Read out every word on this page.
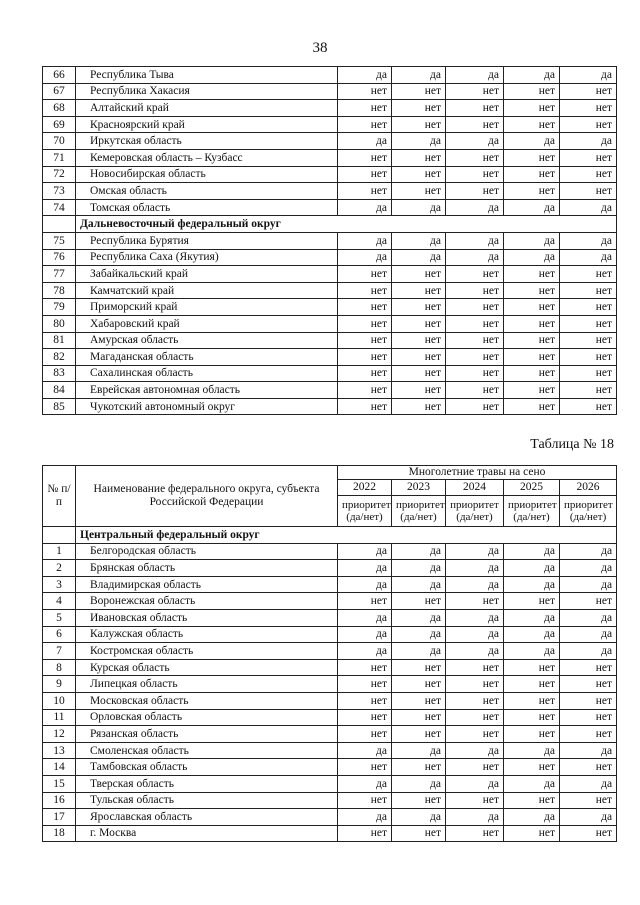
38
66	Республика Тыва	да	да	да	да	да
67	Республика Хакасия	нет	нет	нет	нет	нет
68	Алтайский край	нет	нет	нет	нет	нет
69	Красноярский край	нет	нет	нет	нет	нет
70	Иркутская область	да	да	да	да	да
71	Кемеровская область – Кузбасс	нет	нет	нет	нет	нет
72	Новосибирская область	нет	нет	нет	нет	нет
73	Омская область	нет	нет	нет	нет	нет
74	Томская область	да	да	да	да	да
	Дальневосточный федеральный округ					
75	Республика Бурятия	да	да	да	да	да
76	Республика Саха (Якутия)	да	да	да	да	да
77	Забайкальский край	нет	нет	нет	нет	нет
78	Камчатский край	нет	нет	нет	нет	нет
79	Приморский край	нет	нет	нет	нет	нет
80	Хабаровский край	нет	нет	нет	нет	нет
81	Амурская область	нет	нет	нет	нет	нет
82	Магаданская область	нет	нет	нет	нет	нет
83	Сахалинская область	нет	нет	нет	нет	нет
84	Еврейская автономная область	нет	нет	нет	нет	нет
85	Чукотский автономный округ	нет	нет	нет	нет	нет
Таблица № 18
№ п/п	Наименование федерального округа, субъекта Российской Федерации	Многолетние травы на сено				
		2022	2023	2024	2025	2026
		приоритет (да/нет)	приоритет (да/нет)	приоритет (да/нет)	приоритет (да/нет)	приоритет (да/нет)
	Центральный федеральный округ					
1	Белгородская область	да	да	да	да	да
2	Брянская область	да	да	да	да	да
3	Владимирская область	да	да	да	да	да
4	Воронежская область	нет	нет	нет	нет	нет
5	Ивановская область	да	да	да	да	да
6	Калужская область	да	да	да	да	да
7	Костромская область	да	да	да	да	да
8	Курская область	нет	нет	нет	нет	нет
9	Липецкая область	нет	нет	нет	нет	нет
10	Московская область	нет	нет	нет	нет	нет
11	Орловская область	нет	нет	нет	нет	нет
12	Рязанская область	нет	нет	нет	нет	нет
13	Смоленская область	да	да	да	да	да
14	Тамбовская область	нет	нет	нет	нет	нет
15	Тверская область	да	да	да	да	да
16	Тульская область	нет	нет	нет	нет	нет
17	Ярославская область	да	да	да	да	да
18	г. Москва	нет	нет	нет	нет	нет
